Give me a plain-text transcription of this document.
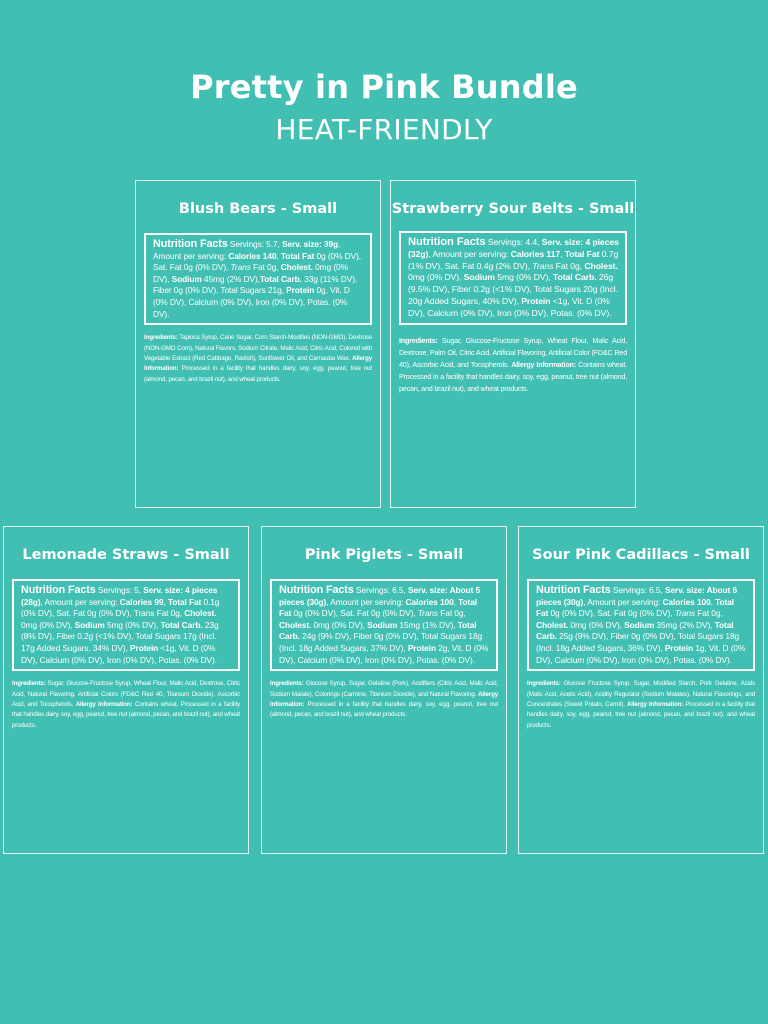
Pretty in Pink Bundle
HEAT-FRIENDLY
Blush Bears - Small
Nutrition Facts Servings: 5.7, Serv. size: 39g, Amount per serving: Calories 140, Total Fat 0g (0% DV), Sat. Fat 0g (0% DV), Trans Fat 0g, Cholest. 0mg (0% DV), Sodium 45mg (2% DV),Total Carb. 33g (11% DV), Fiber 0g (0% DV), Total Sugars 21g, Protein 0g, Vit. D (0% DV), Calcium (0% DV), Iron (0% DV), Potas. (0% DV).
Ingredients: Tapioca Syrup, Cane Sugar, Corn Starch-Modifies (NON-GMO), Dextrose (NON-GMO Corn), Natural Flavors, Sodium Citrate, Malic Acid, Citric Acid, Colored with Vegetable Extract (Red Cabbage, Radish), Sunflower Oil, and Carnauba Wax. Allergy Information: Processed in a facility that handles dairy, soy, egg, peanut, tree nut (almond, pecan, and brazil nut), and wheat products.
Strawberry Sour Belts - Small
Nutrition Facts Servings: 4.4, Serv. size: 4 pieces (32g), Amount per serving: Calories 117, Total Fat 0.7g (1% DV), Sat. Fat 0.4g (2% DV), Trans Fat 0g, Cholest. 0mg (0% DV), Sodium 5mg (0% DV), Total Carb. 26g (9.5% DV), Fiber 0.2g (<1% DV), Total Sugars 20g (Incl. 20g Added Sugars, 40% DV), Protein <1g, Vit. D (0% DV), Calcium (0% DV), Iron (0% DV), Potas. (0% DV).
Ingredients: Sugar, Glucose-Fructose Syrup, Wheat Flour, Malic Acid, Dextrose, Palm Oil, Citric Acid, Artificial Flavoring, Artificial Color (FD&C Red 40), Ascorbic Acid, and Tocopherols. Allergy Information: Contains wheat. Processed in a facility that handles dairy, soy, egg, peanut, tree nut (almond, pecan, and brazil nut), and wheat products.
Lemonade Straws - Small
Nutrition Facts Servings: 5, Serv. size: 4 pieces (28g), Amount per serving: Calories 99, Total Fat 0.1g (0% DV), Sat. Fat 0g (0% DV), Trans Fat 0g, Cholest. 0mg (0% DV), Sodium 5mg (0% DV), Total Carb. 23g (8% DV), Fiber 0.2g (<1% DV), Total Sugars 17g (Incl. 17g Added Sugars, 34% DV), Protein <1g, Vit. D (0% DV), Calcium (0% DV), Iron (0% DV), Potas. (0% DV).
Ingredients: Sugar, Glucose-Fructose Syrup, Wheat Flour, Malic Acid, Dextrose, Citric Acid, Natural Flavoring, Artificial Colors (FD&C Red 40, Titanium Dioxide), Ascorbic Acid, and Tocopherols. Allergy Information: Contains wheat. Processed in a facility that handles dairy, soy, egg, peanut, tree nut (almond, pecan, and brazil nut), and wheat products.
Pink Piglets - Small
Nutrition Facts Servings: 6.5, Serv. size: About 5 pieces (30g), Amount per serving: Calories 100, Total Fat 0g (0% DV), Sat. Fat 0g (0% DV), Trans Fat 0g, Cholest. 0mg (0% DV), Sodium 15mg (1% DV), Total Carb. 24g (9% DV), Fiber 0g (0% DV), Total Sugars 18g (Incl. 18g Added Sugars, 37% DV), Protein 2g, Vit. D (0% DV), Calcium (0% DV), Iron (0% DV), Potas. (0% DV).
Ingredients: Glucose Syrup, Sugar, Gelatine (Pork), Acidifiers (Citric Acid, Malic Acid, Sodium Malate), Colorings (Carmine, Titanium Dioxide), and Natural Flavoring. Allergy Information: Processed in a facility that handles dairy, soy, egg, peanut, tree nut (almond, pecan, and brazil nut), and wheat products.
Sour Pink Cadillacs - Small
Nutrition Facts Servings: 6.5, Serv. size: About 6 pieces (30g), Amount per serving: Calories 100, Total Fat 0g (0% DV), Sat. Fat 0g (0% DV), Trans Fat 0g, Cholest. 0mg (0% DV), Sodium 35mg (2% DV), Total Carb. 25g (9% DV), Fiber 0g (0% DV), Total Sugars 18g (Incl. 18g Added Sugars, 36% DV), Protein 1g, Vit. D (0% DV), Calcium (0% DV), Iron (0% DV), Potas. (0% DV).
Ingredients: Glucose Fructose Syrup, Sugar, Modified Starch, Pork Gelatine, Acids (Malic Acid, Acetic Acid), Acidity Regulator (Sodium Malates), Natural Flavorings, and Concentrates (Sweet Potato, Carrot). Allergy Information: Processed in a facility that handles dairy, soy, egg, peanut, tree nut (almond, pecan, and brazil nut), and wheat products.
